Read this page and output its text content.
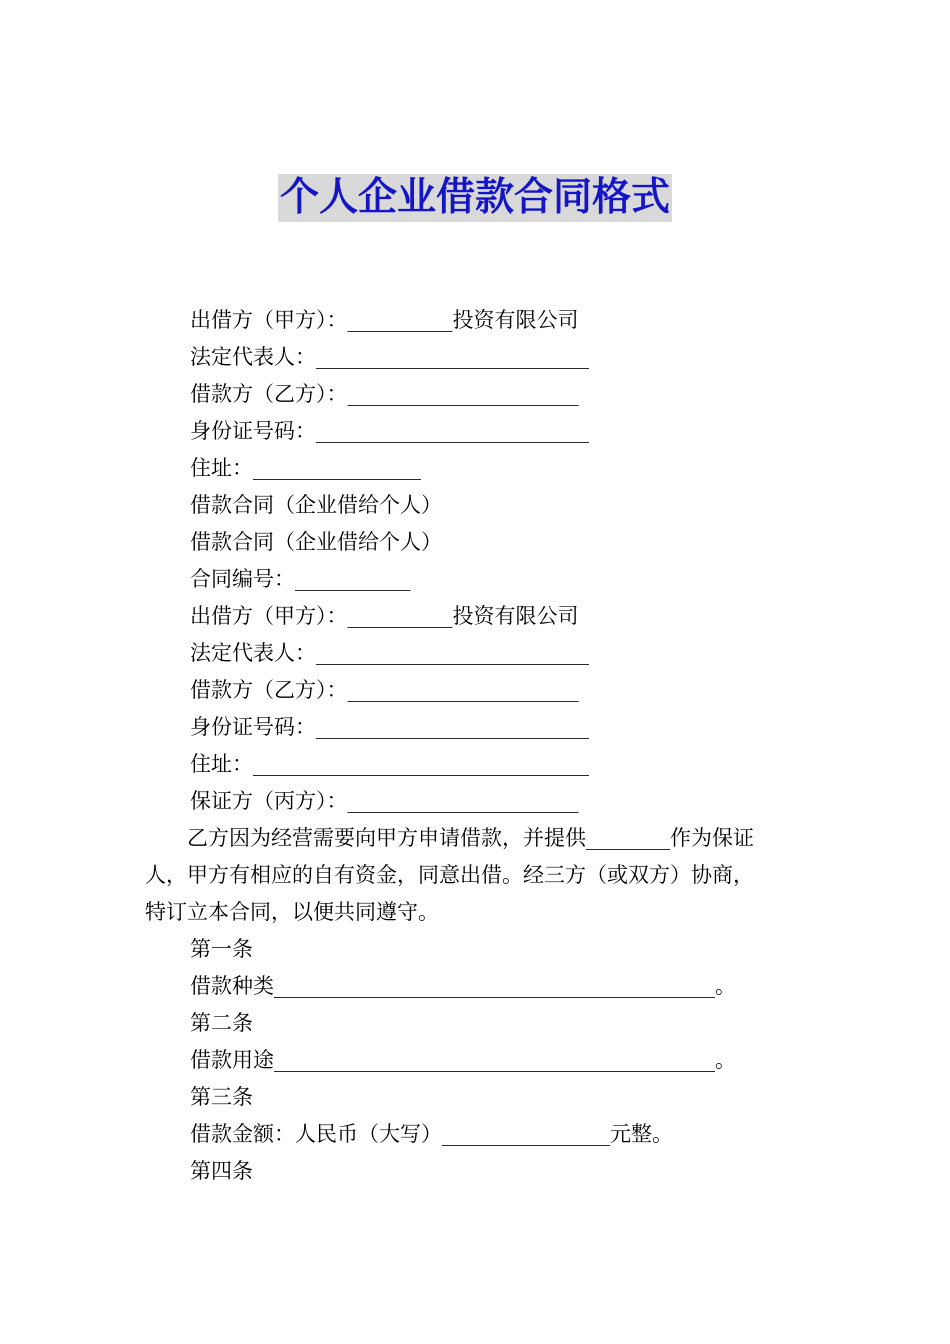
个人企业借款合同格式
出借方（甲方）：__________投资有限公司
法定代表人：__________________________
借款方（乙方）：______________________
身份证号码：__________________________
住址：________________
借款合同（企业借给个人）
借款合同（企业借给个人）
合同编号：___________
出借方（甲方）：__________投资有限公司
法定代表人：__________________________
借款方（乙方）：______________________
身份证号码：__________________________
住址：________________________________
保证方（丙方）：______________________
　　乙方因为经营需要向甲方申请借款，并提供________作为保证
人，甲方有相应的自有资金，同意出借。经三方（或双方）协商，
特订立本合同，以便共同遵守。
第一条
借款种类__________________________________________。
第二条
借款用途__________________________________________。
第三条
借款金额：人民币（大写）________________元整。
第四条
